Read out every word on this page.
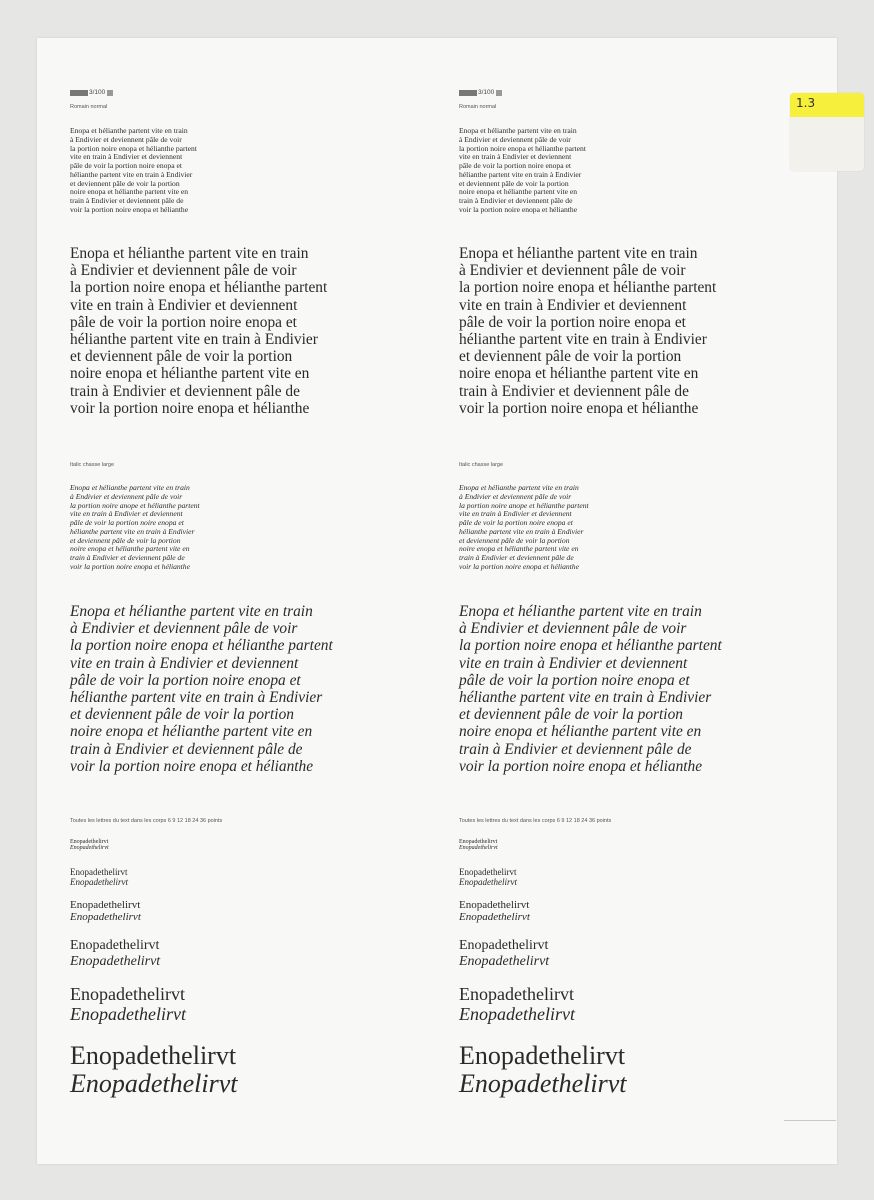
1.3
3/100
Romain normal
Enopa et hélianthe partent vite en train
à Endivier et deviennent pâle de voir
la portion noire enopa et hélianthe partent
vite en train à Endivier et deviennent
pâle de voir la portion noire enopa et
hélianthe partent vite en train à Endivier
et deviennent pâle de voir la portion
noire enopa et hélianthe partent vite en
train à Endivier et deviennent pâle de
voir la portion noire enopa et hélianthe
Enopa et hélianthe partent vite en train
à Endivier et deviennent pâle de voir
la portion noire enopa et hélianthe partent
vite en train à Endivier et deviennent
pâle de voir la portion noire enopa et
hélianthe partent vite en train à Endivier
et deviennent pâle de voir la portion
noire enopa et hélianthe partent vite en
train à Endivier et deviennent pâle de
voir la portion noire enopa et hélianthe
Italic chasse large
Enopa et hélianthe partent vite en train
à Endivier et deviennent pâle de voir
la portion noire anope et hélianthe partent
vite en train à Endivier et deviennent
pâle de voir la portion noire enopa et
hélianthe partent vite en train à Endivier
et deviennent pâle de voir la portion
noire enopa et hélianthe partent vite en
train à Endivier et deviennent pâle de
voir la portion noire enopa et hélianthe
Enopa et hélianthe partent vite en train
à Endivier et deviennent pâle de voir
la portion noire enopa et hélianthe partent
vite en train à Endivier et deviennent
pâle de voir la portion noire enopa et
hélianthe partent vite en train à Endivier
et deviennent pâle de voir la portion
noire enopa et hélianthe partent vite en
train à Endivier et deviennent pâle de
voir la portion noire enopa et hélianthe
Toutes les lettres du text dans les corps 6 9 12 18 24 36 points
Enopadethelirvt
Enopadethelirvt
Enopadethelirvt
Enopadethelirvt
Enopadethelirvt
Enopadethelirvt
Enopadethelirvt
Enopadethelirvt
Enopadethelirvt
Enopadethelirvt
Enopadethelirvt
Enopadethelirvt
3/100
Romain normal
Enopa et hélianthe partent vite en train
à Endivier et deviennent pâle de voir
la portion noire enopa et hélianthe partent
vite en train à Endivier et deviennent
pâle de voir la portion noire enopa et
hélianthe partent vite en train à Endivier
et deviennent pâle de voir la portion
noire enopa et hélianthe partent vite en
train à Endivier et deviennent pâle de
voir la portion noire enopa et hélianthe
Enopa et hélianthe partent vite en train
à Endivier et deviennent pâle de voir
la portion noire enopa et hélianthe partent
vite en train à Endivier et deviennent
pâle de voir la portion noire enopa et
hélianthe partent vite en train à Endivier
et deviennent pâle de voir la portion
noire enopa et hélianthe partent vite en
train à Endivier et deviennent pâle de
voir la portion noire enopa et hélianthe
Italic chasse large
Enopa et hélianthe partent vite en train
à Endivier et deviennent pâle de voir
la portion noire anope et hélianthe partent
vite en train à Endivier et deviennent
pâle de voir la portion noire enopa et
hélianthe partent vite en train à Endivier
et deviennent pâle de voir la portion
noire enopa et hélianthe partent vite en
train à Endivier et deviennent pâle de
voir la portion noire enopa et hélianthe
Enopa et hélianthe partent vite en train
à Endivier et deviennent pâle de voir
la portion noire enopa et hélianthe partent
vite en train à Endivier et deviennent
pâle de voir la portion noire enopa et
hélianthe partent vite en train à Endivier
et deviennent pâle de voir la portion
noire enopa et hélianthe partent vite en
train à Endivier et deviennent pâle de
voir la portion noire enopa et hélianthe
Toutes les lettres du text dans les corps 6 9 12 18 24 36 points
Enopadethelirvt
Enopadethelirvt
Enopadethelirvt
Enopadethelirvt
Enopadethelirvt
Enopadethelirvt
Enopadethelirvt
Enopadethelirvt
Enopadethelirvt
Enopadethelirvt
Enopadethelirvt
Enopadethelirvt
